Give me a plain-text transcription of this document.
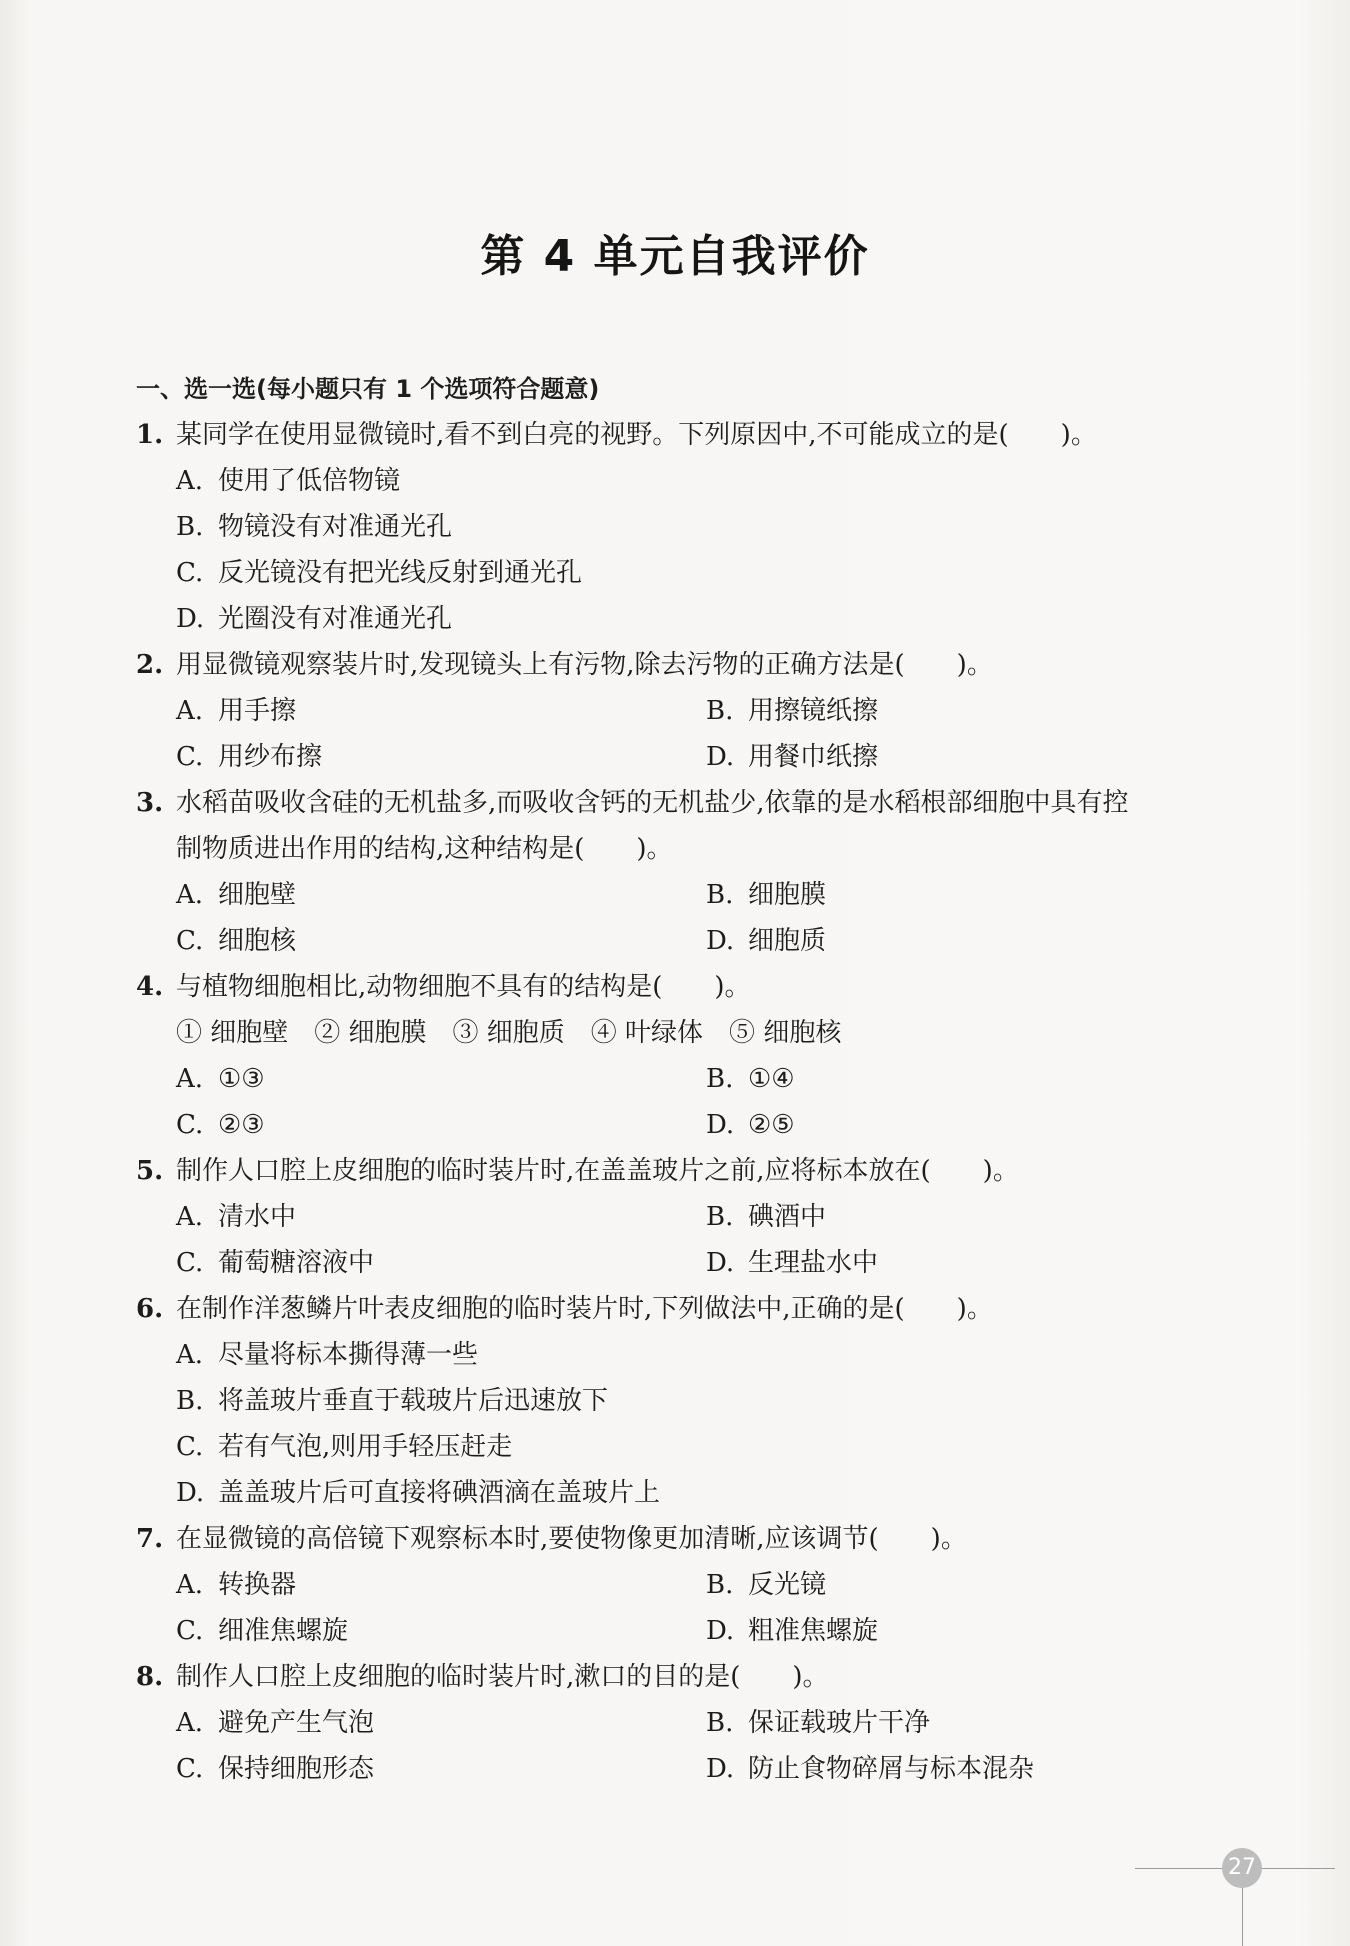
第 4 单元自我评价
一、选一选(每小题只有 1 个选项符合题意)
1. 某同学在使用显微镜时,看不到白亮的视野。下列原因中,不可能成立的是(　　)。
A. 使用了低倍物镜
B. 物镜没有对准通光孔
C. 反光镜没有把光线反射到通光孔
D. 光圈没有对准通光孔
2. 用显微镜观察装片时,发现镜头上有污物,除去污物的正确方法是(　　)。
A. 用手擦	B. 用擦镜纸擦
C. 用纱布擦	D. 用餐巾纸擦
3. 水稻苗吸收含硅的无机盐多,而吸收含钙的无机盐少,依靠的是水稻根部细胞中具有控
制物质进出作用的结构,这种结构是(　　)。
A. 细胞壁	B. 细胞膜
C. 细胞核	D. 细胞质
4. 与植物细胞相比,动物细胞不具有的结构是(　　)。
① 细胞壁　② 细胞膜　③ 细胞质　④ 叶绿体　⑤ 细胞核
A. ①③	B. ①④
C. ②③	D. ②⑤
5. 制作人口腔上皮细胞的临时装片时,在盖盖玻片之前,应将标本放在(　　)。
A. 清水中	B. 碘酒中
C. 葡萄糖溶液中	D. 生理盐水中
6. 在制作洋葱鳞片叶表皮细胞的临时装片时,下列做法中,正确的是(　　)。
A. 尽量将标本撕得薄一些
B. 将盖玻片垂直于载玻片后迅速放下
C. 若有气泡,则用手轻压赶走
D. 盖盖玻片后可直接将碘酒滴在盖玻片上
7. 在显微镜的高倍镜下观察标本时,要使物像更加清晰,应该调节(　　)。
A. 转换器	B. 反光镜
C. 细准焦螺旋	D. 粗准焦螺旋
8. 制作人口腔上皮细胞的临时装片时,漱口的目的是(　　)。
A. 避免产生气泡	B. 保证载玻片干净
C. 保持细胞形态	D. 防止食物碎屑与标本混杂
27
